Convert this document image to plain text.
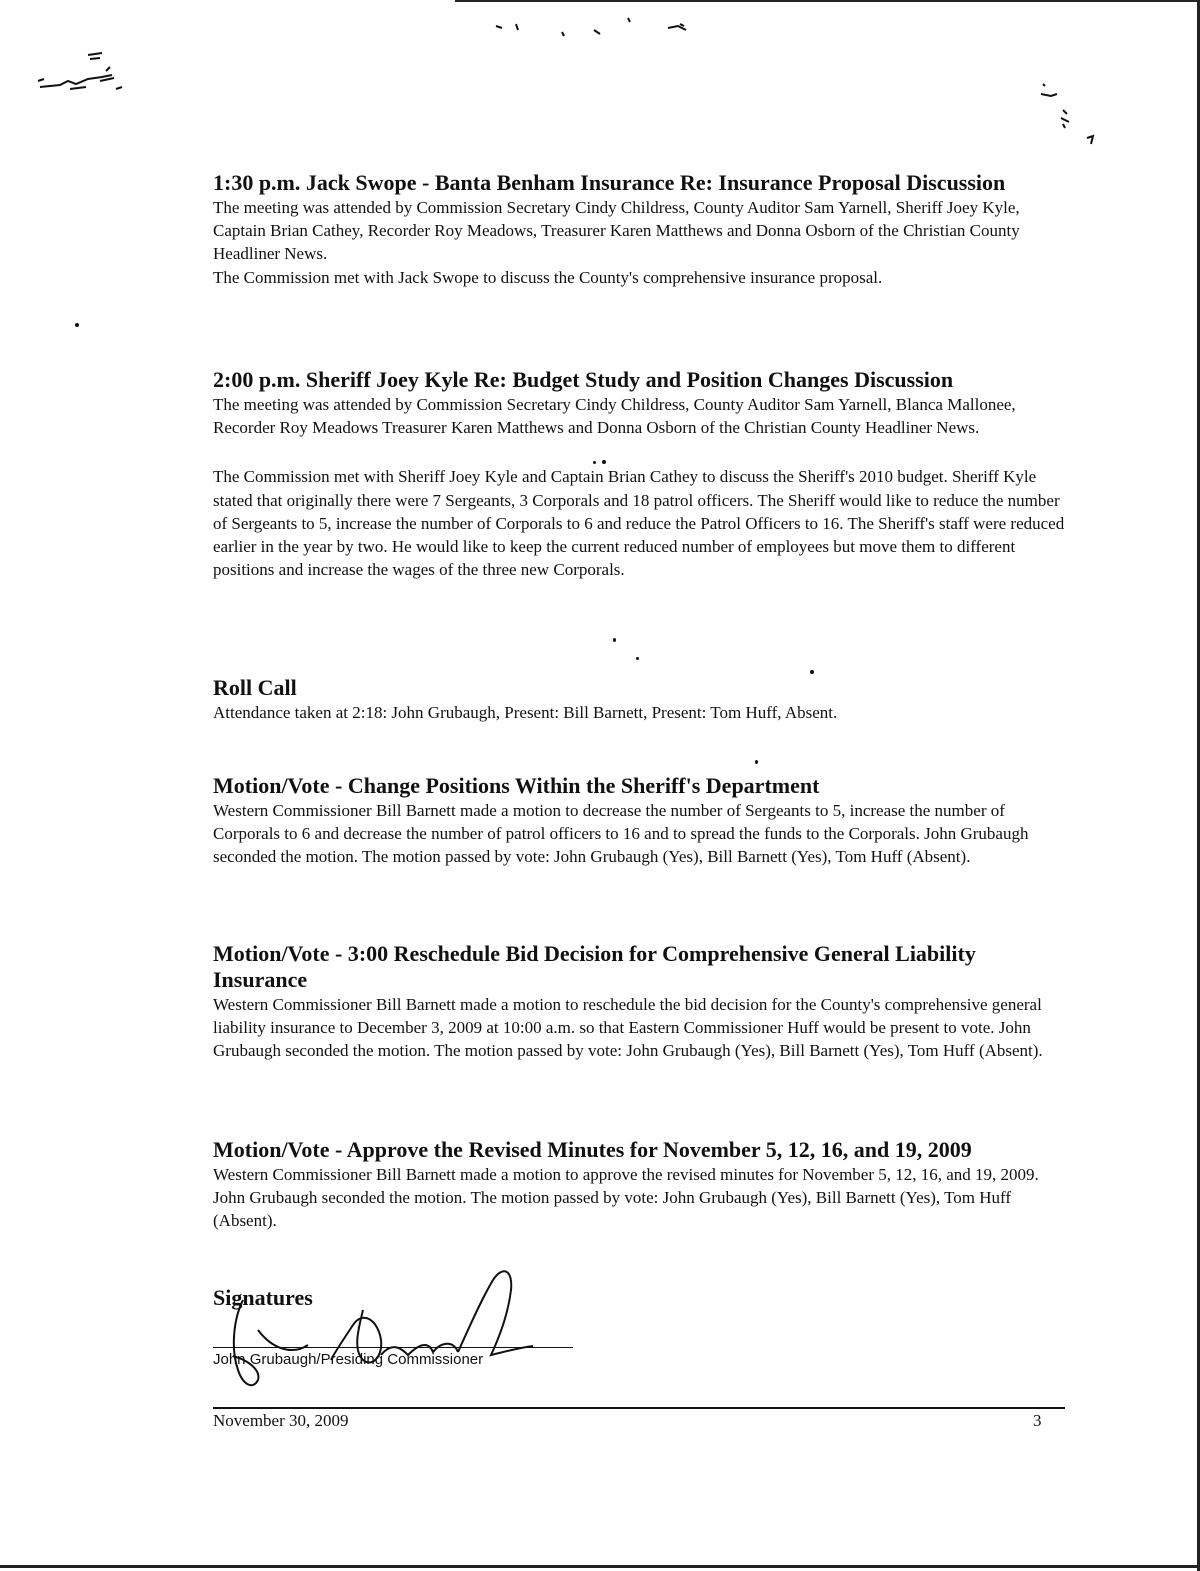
1:30 p.m. Jack Swope - Banta Benham Insurance Re: Insurance Proposal Discussion

The meeting was attended by Commission Secretary Cindy Childress, County Auditor Sam Yarnell, Sheriff Joey Kyle, Captain Brian Cathey, Recorder Roy Meadows, Treasurer Karen Matthews and Donna Osborn of the Christian County Headliner News.

The Commission met with Jack Swope to discuss the County's comprehensive insurance proposal.

2:00 p.m. Sheriff Joey Kyle Re: Budget Study and Position Changes Discussion

The meeting was attended by Commission Secretary Cindy Childress, County Auditor Sam Yarnell, Blanca Mallonee, Recorder Roy Meadows Treasurer Karen Matthews and Donna Osborn of the Christian County Headliner News.

The Commission met with Sheriff Joey Kyle and Captain Brian Cathey to discuss the Sheriff's 2010 budget. Sheriff Kyle stated that originally there were 7 Sergeants, 3 Corporals and 18 patrol officers. The Sheriff would like to reduce the number of Sergeants to 5, increase the number of Corporals to 6 and reduce the Patrol Officers to 16. The Sheriff's staff were reduced earlier in the year by two. He would like to keep the current reduced number of employees but move them to different positions and increase the wages of the three new Corporals.

Roll Call

Attendance taken at 2:18: John Grubaugh, Present: Bill Barnett, Present: Tom Huff, Absent.

Motion/Vote - Change Positions Within the Sheriff's Department

Western Commissioner Bill Barnett made a motion to decrease the number of Sergeants to 5, increase the number of Corporals to 6 and decrease the number of patrol officers to 16 and to spread the funds to the Corporals. John Grubaugh seconded the motion. The motion passed by vote: John Grubaugh (Yes), Bill Barnett (Yes), Tom Huff (Absent).

Motion/Vote - 3:00 Reschedule Bid Decision for Comprehensive General Liability Insurance

Western Commissioner Bill Barnett made a motion to reschedule the bid decision for the County's comprehensive general liability insurance to December 3, 2009 at 10:00 a.m. so that Eastern Commissioner Huff would be present to vote. John Grubaugh seconded the motion. The motion passed by vote: John Grubaugh (Yes), Bill Barnett (Yes), Tom Huff (Absent).

Motion/Vote - Approve the Revised Minutes for November 5, 12, 16, and 19, 2009

Western Commissioner Bill Barnett made a motion to approve the revised minutes for November 5, 12, 16, and 19, 2009. John Grubaugh seconded the motion. The motion passed by vote: John Grubaugh (Yes), Bill Barnett (Yes), Tom Huff (Absent).

Signatures
John Grubaugh/Presiding Commissioner
November 30, 2009	3
